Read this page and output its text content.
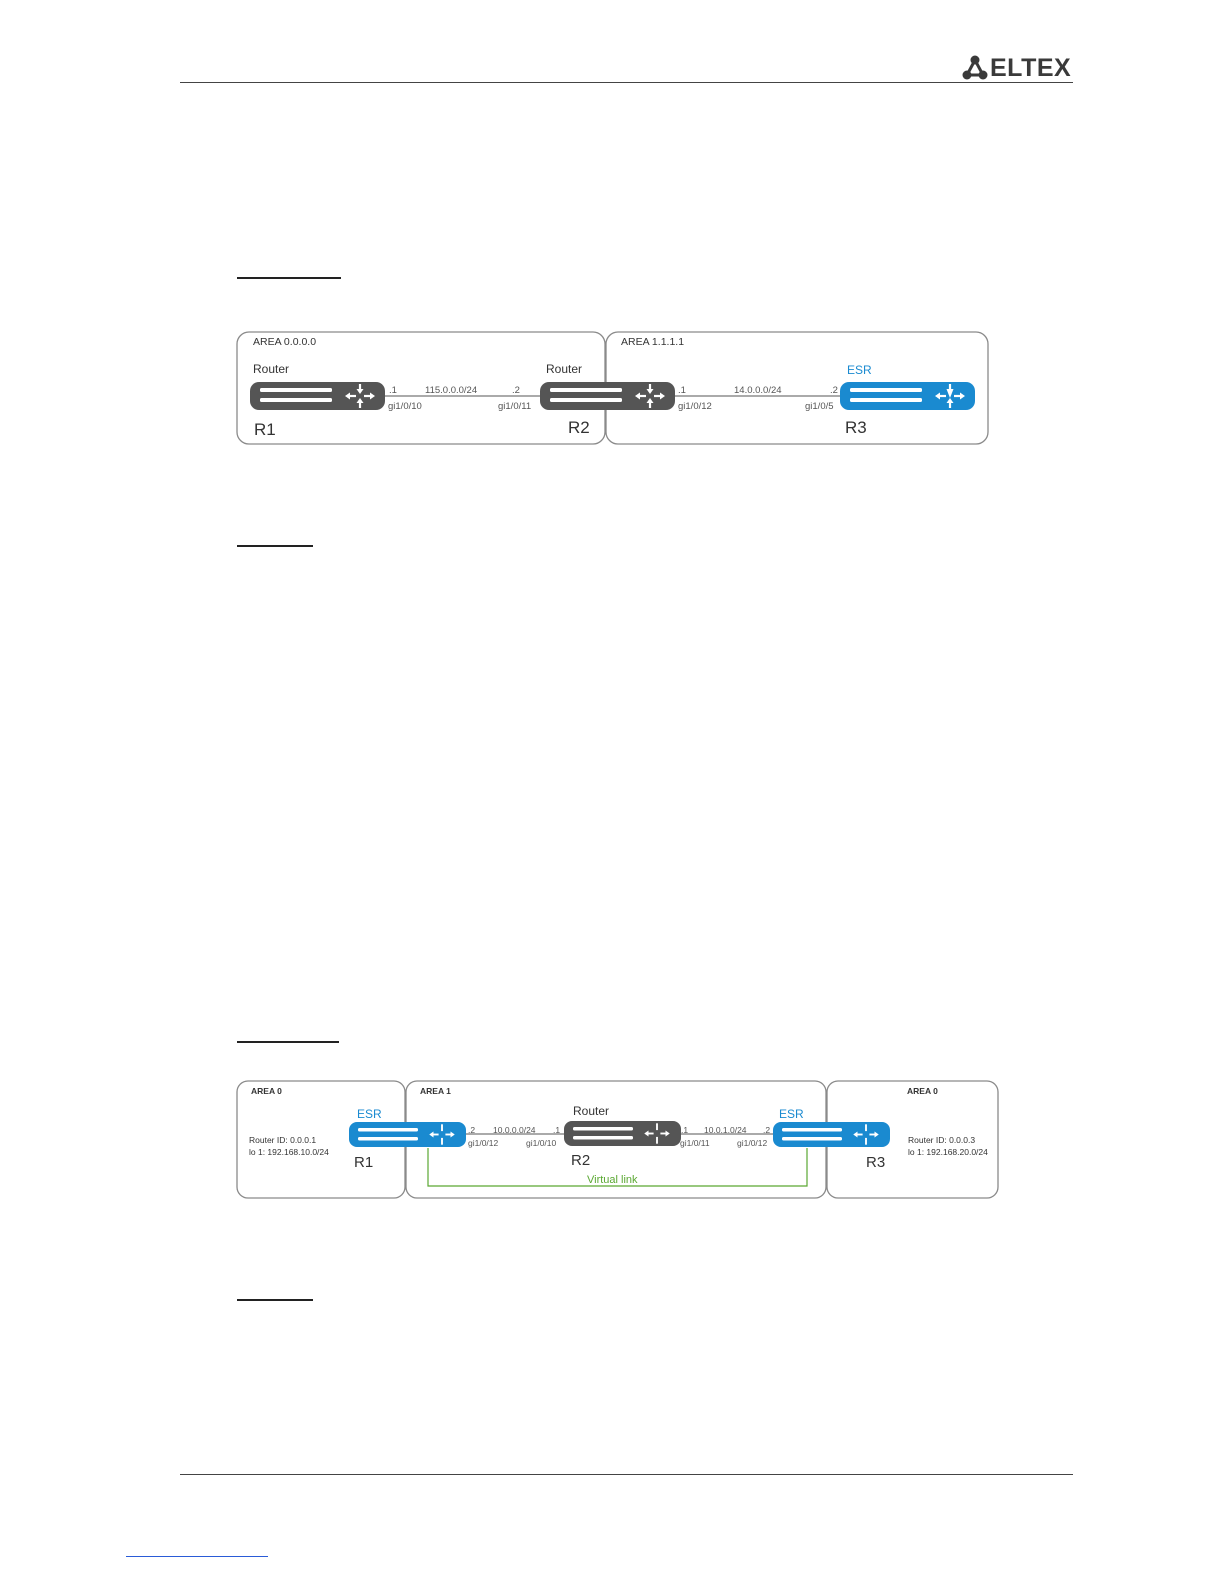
ELTEX
AREA 0.0.0.0	AREA 1.1.1.1
Router
R1
Router
R2
ESR
R3
.1	115.0.0.0/24	.2
gi1/0/10	gi1/0/11
.1	14.0.0.0/24	.2
gi1/0/12	gi1/0/5
AREA 0	AREA 1	AREA 0
Router ID: 0.0.0.1
lo 1: 192.168.10.0/24
Router ID: 0.0.0.3
lo 1: 192.168.20.0/24
Virtual link
ESR
R1
Router
R2
ESR
R3
.2 10.0.0.0/24 .1
gi1/0/12	gi1/0/10
.1 10.0.1.0/24 .2
gi1/0/11	gi1/0/12
